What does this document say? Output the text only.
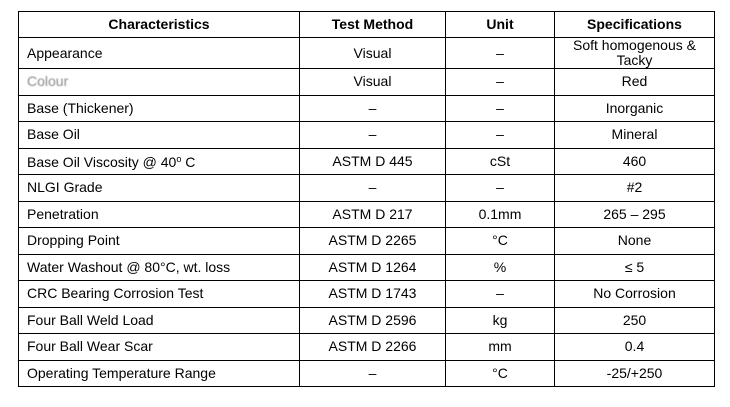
Characteristics	Test Method	Unit	Specifications
Appearance	Visual	–	Soft homogenous & Tacky
Colour	Visual	–	Red
Base (Thickener)	–	–	Inorganic
Base Oil	–	–	Mineral
Base Oil Viscosity @ 40$^o$ C	ASTM D 445	cSt	460
NLGI Grade	–	–	#2
Penetration	ASTM D 217	0.1mm	265 – 295
Dropping Point	ASTM D 2265	°C	None
Water Washout @ 80°C, wt. loss	ASTM D 1264	%	≤ 5
CRC Bearing Corrosion Test	ASTM D 1743	–	No Corrosion
Four Ball Weld Load	ASTM D 2596	kg	250
Four Ball Wear Scar	ASTM D 2266	mm	0.4
Operating Temperature Range	–	°C	-25/+250
